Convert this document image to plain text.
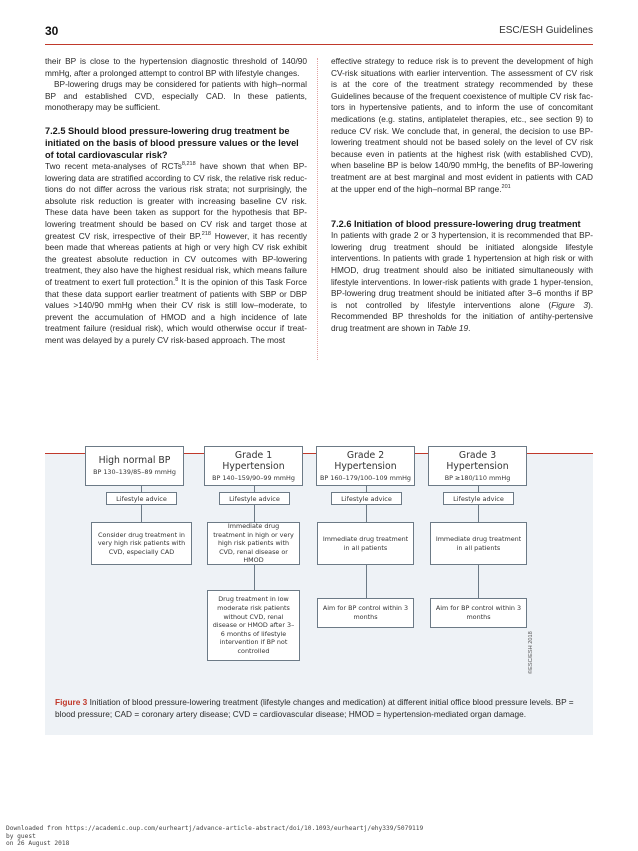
30	ESC/ESH Guidelines

their BP is close to the hypertension diagnostic threshold of 140/90 mmHg, after a prolonged attempt to control BP with lifestyle changes.

BP-lowering drugs may be considered for patients with high–normal BP and established CVD, especially CAD. In these patients, monotherapy may be sufficient.

7.2.5 Should blood pressure-lowering drug treatment be initiated on the basis of blood pressure values or the level of total cardiovascular risk?

Two recent meta-analyses of RCTs$^{8,218}$ have shown that when BP-lowering data are stratified according to CV risk, the relative risk reduc-tions do not differ across the various risk strata; not surprisingly, the absolute risk reduction is greater with increasing baseline CV risk. These data have been taken as support for the hypothesis that BP-lowering treatment should be based on CV risk and target those at greatest CV risk, irrespective of their BP.$^{218}$ However, it has recently been made that whereas patients at high or very high CV risk exhibit the greatest absolute reduction in CV outcomes with BP-lowering treatment, they also have the highest residual risk, which means failure of treatment to exert full protection.$^8$ It is the opinion of this Task Force that these data support earlier treatment of patients with SBP or DBP values >140/90 mmHg when their CV risk is still low–moderate, to prevent the accumulation of HMOD and a high incidence of late treatment failure (residual risk), which would otherwise occur if treat-ment was delayed by a purely CV risk-based approach. The most

effective strategy to reduce risk is to prevent the development of high CV-risk situations with earlier intervention. The assessment of CV risk is at the core of the treatment strategy recommended by these Guidelines because of the frequent coexistence of multiple CV risk fac-tors in hypertensive patients, and to inform the use of concomitant medications (e.g. statins, antiplatelet therapies, etc., see section 9) to reduce CV risk. We conclude that, in general, the decision to use BP-lowering treatment should not be based solely on the level of CV risk because even in patients at the highest risk (with established CVD), when baseline BP is below 140/90 mmHg, the benefits of BP-lowering treatment are at best marginal and most evident in patients with CAD at the upper end of the high–normal BP range.$^{201}$

7.2.6 Initiation of blood pressure-lowering drug treatment

In patients with grade 2 or 3 hypertension, it is recommended that BP-lowering drug treatment should be initiated alongside lifestyle interventions. In patients with grade 1 hypertension at high risk or with HMOD, drug treatment should also be initiated simultaneously with lifestyle interventions. In lower-risk patients with grade 1 hyper-tension, BP-lowering drug treatment should be initiated after 3–6 months if BP is not controlled by lifestyle interventions alone (Figure 3). Recommended BP thresholds for the initiation of antihy-pertensive drug treatment are shown in Table 19.

High normal BP
BP 130–139/85–89 mmHg
Grade 1 Hypertension
BP 140–159/90–99 mmHg
Grade 2 Hypertension
BP 160–179/100–109 mmHg
Grade 3 Hypertension
BP ≥180/110 mmHg
Lifestyle advice	Lifestyle advice	Lifestyle advice	Lifestyle advice
Consider drug treatment in very high risk patients with CVD, especially CAD
Immediate drug treatment in high or very high risk patients with CVD, renal disease or HMOD
Immediate drug treatment in all patients
Immediate drug treatment in all patients
Drug treatment in low moderate risk patients without CVD, renal disease or HMOD after 3–6 months of lifestyle intervention if BP not controlled
Aim for BP control within 3 months
Aim for BP control within 3 months
©ESC/ESH 2018
Figure 3 Initiation of blood pressure-lowering treatment (lifestyle changes and medication) at different initial office blood pressure levels. BP = blood pressure; CAD = coronary artery disease; CVD = cardiovascular disease; HMOD = hypertension-mediated organ damage.
Downloaded from https://academic.oup.com/eurheartj/advance-article-abstract/doi/10.1093/eurheartj/ehy339/5079119
by guest
on 26 August 2018
